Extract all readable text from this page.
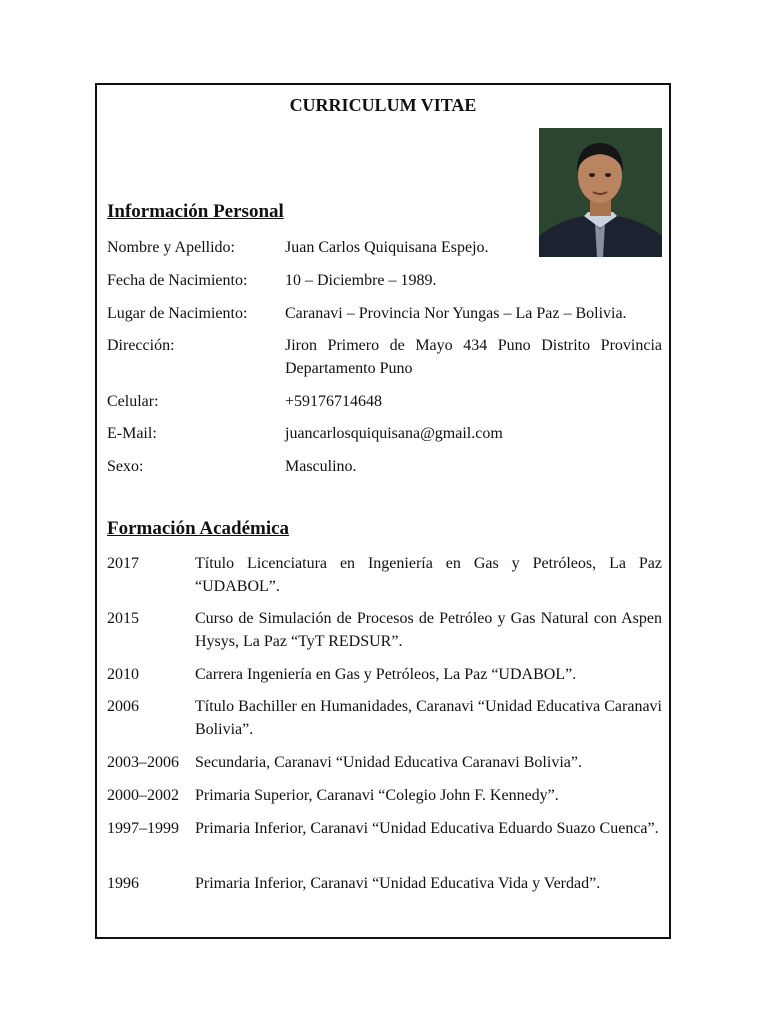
CURRICULUM VITAE
Información Personal
Nombre y Apellido:	Juan Carlos Quiquisana Espejo.
Fecha de Nacimiento: 10 – Diciembre – 1989.
Lugar de Nacimiento: Caranavi – Provincia Nor Yungas – La Paz – Bolivia.
Dirección:	Jiron Primero de Mayo 434 Puno Distrito Provincia Departamento Puno
Celular:	+59176714648
E-Mail:	juancarlosquiquisana@gmail.com
Sexo:	Masculino.
Formación Académica
2017	Título Licenciatura en Ingeniería en Gas y Petróleos, La Paz “UDABOL”.
2015	Curso de Simulación de Procesos de Petróleo y Gas Natural con Aspen Hysys, La Paz “TyT REDSUR”.
2010	Carrera Ingeniería en Gas y Petróleos, La Paz “UDABOL”.
2006	Título Bachiller en Humanidades, Caranavi “Unidad Educativa Caranavi Bolivia”.
2003–2006 Secundaria, Caranavi “Unidad Educativa Caranavi Bolivia”.
2000–2002 Primaria Superior, Caranavi “Colegio John F. Kennedy”.
1997–1999 Primaria Inferior, Caranavi “Unidad Educativa Eduardo Suazo Cuenca”.
1996	Primaria Inferior, Caranavi “Unidad Educativa Vida y Verdad”.
